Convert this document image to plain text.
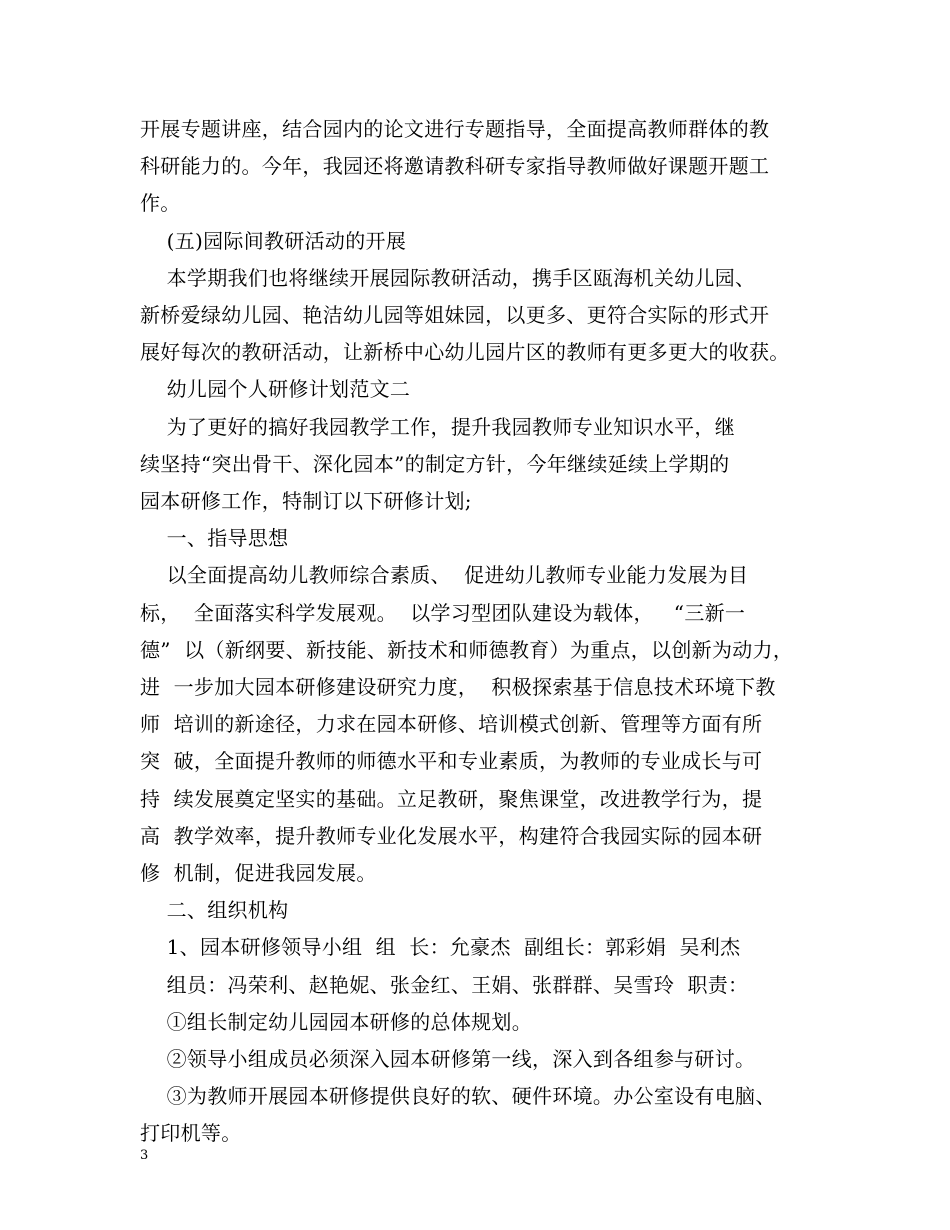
开展专题讲座，结合园内的论文进行专题指导，全面提高教师群体的教
科研能力的。今年，我园还将邀请教科研专家指导教师做好课题开题工
作。
(五)园际间教研活动的开展
本学期我们也将继续开展园际教研活动，携手区瓯海机关幼儿园、
新桥爱绿幼儿园、艳洁幼儿园等姐妹园，以更多、更符合实际的形式开
展好每次的教研活动，让新桥中心幼儿园片区的教师有更多更大的收获。
幼儿园个人研修计划范文二
为了更好的搞好我园教学工作，提升我园教师专业知识水平，继
续坚持“突出骨干、深化园本”的制定方针，今年继续延续上学期的
园本研修工作，特制订以下研修计划;
一、指导思想
以全面提高幼儿教师综合素质、  促进幼儿教师专业能力发展为目
标，  全面落实科学发展观。  以学习型团队建设为载体，   “三新一
德”  以（新纲要、新技能、新技术和师德教育）为重点，以创新为动力，
进  一步加大园本研修建设研究力度，  积极探索基于信息技术环境下教
师  培训的新途径，力求在园本研修、培训模式创新、管理等方面有所
突  破，全面提升教师的师德水平和专业素质，为教师的专业成长与可
持  续发展奠定坚实的基础。立足教研，聚焦课堂，改进教学行为，提
高  教学效率，提升教师专业化发展水平，构建符合我园实际的园本研
修  机制，促进我园发展。
二、组织机构
1、园本研修领导小组  组  长：允豪杰  副组长：郭彩娟  吴利杰
组员：冯荣利、赵艳妮、张金红、王娟、张群群、吴雪玲  职责：
①组长制定幼儿园园本研修的总体规划。
②领导小组成员必须深入园本研修第一线，深入到各组参与研讨。
③为教师开展园本研修提供良好的软、硬件环境。办公室设有电脑、
打印机等。
3
